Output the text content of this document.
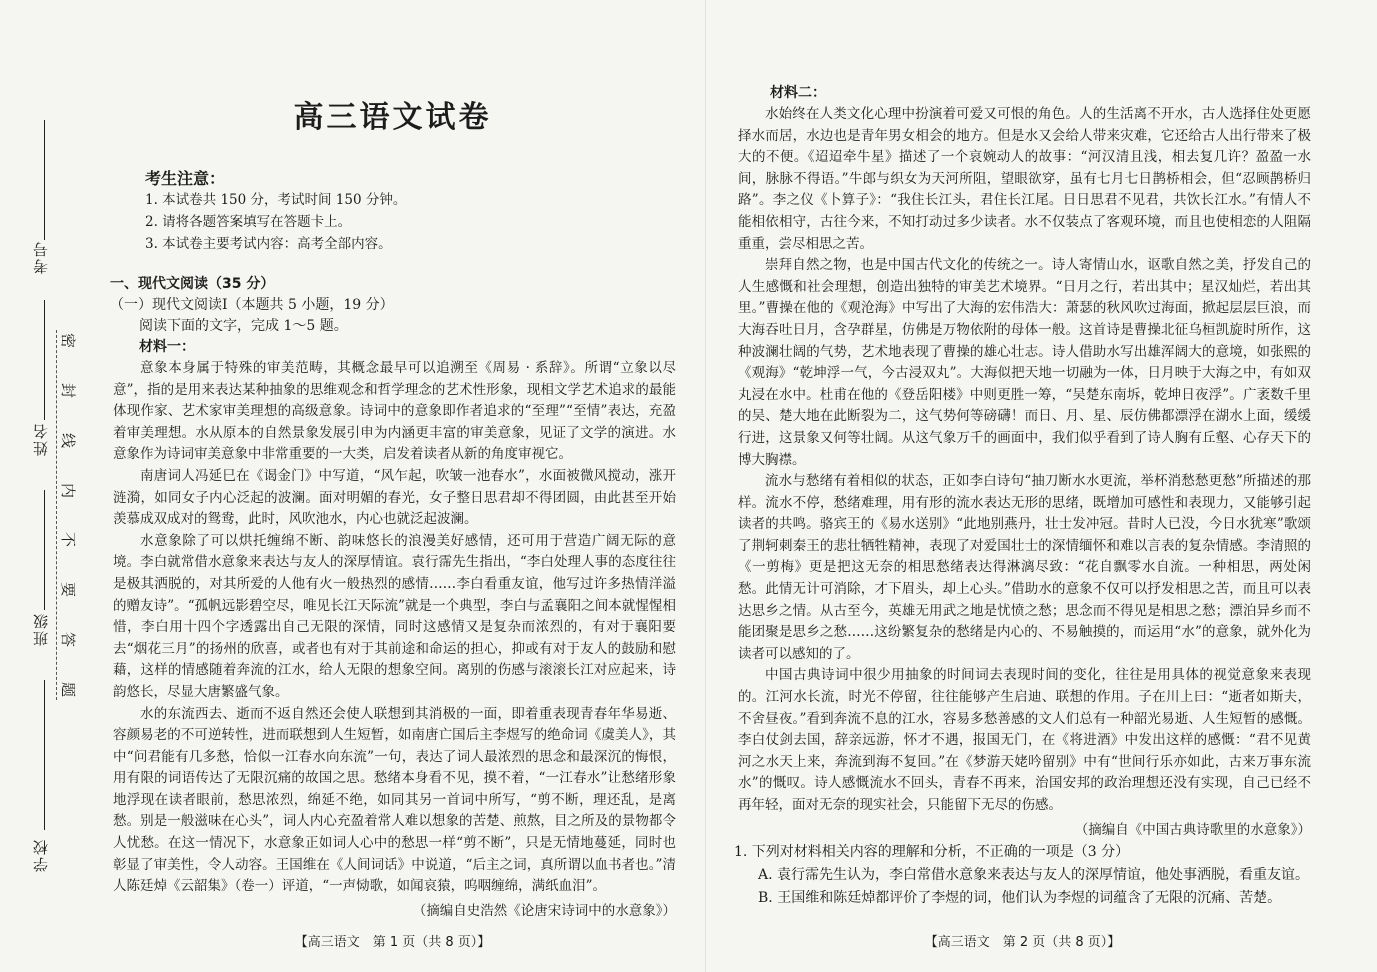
考号
姓名
班级
学校
密
封
线
内
不
要
答
题
高三语文试卷
考生注意：
1. 本试卷共 150 分，考试时间 150 分钟。
2. 请将各题答案填写在答题卡上。
3. 本试卷主要考试内容：高考全部内容。
一、现代文阅读（35 分）
（一）现代文阅读Ⅰ（本题共 5 小题，19 分）
阅读下面的文字，完成 1～5 题。
材料一：

意象本身属于特殊的审美范畴，其概念最早可以追溯至《周易 · 系辞》。所谓“立象以尽意”，指的是用来表达某种抽象的思维观念和哲学理念的艺术性形象，现相文学艺术追求的最能体现作家、艺术家审美理想的高级意象。诗词中的意象即作者追求的“至理”“至情”表达，充盈着审美理想。水从原本的自然景象发展引申为内涵更丰富的审美意象，见证了文学的演进。水意象作为诗词审美意象中非常重要的一大类，启发着读者从新的角度审视它。

南唐词人冯延巳在《谒金门》中写道，“风乍起，吹皱一池春水”，水面被微风搅动，涨开涟漪，如同女子内心泛起的波澜。面对明媚的春光，女子整日思君却不得团圆，由此甚至开始羡慕成双成对的鸳鸯，此时，风吹池水，内心也就泛起波澜。

水意象除了可以烘托缠绵不断、韵味悠长的浪漫美好感情，还可用于营造广阔无际的意境。李白就常借水意象来表达与友人的深厚情谊。袁行霈先生指出，“李白处理人事的态度往往是极其洒脱的，对其所爱的人他有火一般热烈的感情……李白看重友谊，他写过许多热情洋溢的赠友诗”。“孤帆远影碧空尽，唯见长江天际流”就是一个典型，李白与孟襄阳之间本就惺惺相惜，李白用十四个字透露出自己无限的深情，同时这感情又是复杂而浓烈的，有对于襄阳要去“烟花三月”的扬州的欣喜，或者也有对于其前途和命运的担心，抑或有对于友人的鼓励和慰藉，这样的情感随着奔流的江水，给人无限的想象空间。离别的伤感与滚滚长江对应起来，诗韵悠长，尽显大唐繁盛气象。

水的东流西去、逝而不返自然还会使人联想到其消极的一面，即着重表现青春年华易逝、容颜易老的不可逆转性，进而联想到人生短暂，如南唐亡国后主李煜写的绝命词《虞美人》，其中“问君能有几多愁，恰似一江春水向东流”一句，表达了词人最浓烈的思念和最深沉的悔恨，用有限的词语传达了无限沉痛的故国之思。愁绪本身看不见，摸不着，“一江春水”让愁绪形象地浮现在读者眼前，愁思浓烈，绵延不绝，如同其另一首词中所写，“剪不断，理还乱，是离愁。别是一般滋味在心头”，词人内心充盈着常人难以想象的苦楚、煎熬，目之所及的景物都令人忧愁。在这一情况下，水意象正如词人心中的愁思一样“剪不断”，只是无情地蔓延，同时也彰显了审美性，令人动容。王国维在《人间词话》中说道，“后主之词，真所谓以血书者也。”清人陈廷焯《云韶集》（卷一）评道，“一声恸歌，如闻哀猿，呜咽缠绵，满纸血泪”。

（摘编自史浩然《论唐宋诗词中的水意象》）
【高三语文　第 1 页（共 8 页）】
材料二：

水始终在人类文化心理中扮演着可爱又可恨的角色。人的生活离不开水，古人选择住处更愿择水而居，水边也是青年男女相会的地方。但是水又会给人带来灾难，它还给古人出行带来了极大的不便。《迢迢牵牛星》描述了一个哀婉动人的故事：“河汉清且浅，相去复几许？盈盈一水间，脉脉不得语。”牛郎与织女为天河所阻，望眼欲穿，虽有七月七日鹊桥相会，但“忍顾鹊桥归路”。李之仪《卜算子》：“我住长江头，君住长江尾。日日思君不见君，共饮长江水。”有情人不能相依相守，古往今来，不知打动过多少读者。水不仅装点了客观环境，而且也使相恋的人阻隔重重，尝尽相思之苦。

崇拜自然之物，也是中国古代文化的传统之一。诗人寄情山水，讴歌自然之美，抒发自己的人生感慨和社会理想，创造出独特的审美艺术境界。“日月之行，若出其中；星汉灿烂，若出其里。”曹操在他的《观沧海》中写出了大海的宏伟浩大：萧瑟的秋风吹过海面，掀起层层巨浪，而大海吞吐日月，含孕群星，仿佛是万物依附的母体一般。这首诗是曹操北征乌桓凯旋时所作，这种波澜壮阔的气势，艺术地表现了曹操的雄心壮志。诗人借助水写出雄浑阔大的意境，如张熙的《观海》“乾坤浮一气，今古浸双丸”。大海似把天地一切融为一体，日月映于大海之中，有如双丸浸在水中。杜甫在他的《登岳阳楼》中则更胜一筹，“吴楚东南坼，乾坤日夜浮”。广袤数千里的吴、楚大地在此断裂为二，这气势何等磅礴！而日、月、星、辰仿佛都漂浮在湖水上面，缓缓行进，这景象又何等壮阔。从这气象万千的画面中，我们似乎看到了诗人胸有丘壑、心存天下的博大胸襟。

流水与愁绪有着相似的状态，正如李白诗句“抽刀断水水更流，举杯消愁愁更愁”所描述的那样。流水不停，愁绪难理，用有形的流水表达无形的思绪，既增加可感性和表现力，又能够引起读者的共鸣。骆宾王的《易水送别》“此地别燕丹，壮士发冲冠。昔时人已没，今日水犹寒”歌颂了荆轲刺秦王的悲壮牺牲精神，表现了对爱国壮士的深情缅怀和难以言表的复杂情感。李清照的《一剪梅》更是把这无奈的相思愁绪表达得淋漓尽致：“花自飘零水自流。一种相思，两处闲愁。此情无计可消除，才下眉头，却上心头。”借助水的意象不仅可以抒发相思之苦，而且可以表达思乡之情。从古至今，英雄无用武之地是忧愤之愁；思念而不得见是相思之愁；漂泊异乡而不能团聚是思乡之愁……这纷繁复杂的愁绪是内心的、不易触摸的，而运用“水”的意象，就外化为读者可以感知的了。

中国古典诗词中很少用抽象的时间词去表现时间的变化，往往是用具体的视觉意象来表现的。江河水长流，时光不停留，往往能够产生启迪、联想的作用。子在川上曰：“逝者如斯夫，不舍昼夜。”看到奔流不息的江水，容易多愁善感的文人们总有一种韶光易逝、人生短暂的感慨。李白仗剑去国，辞亲远游，怀才不遇，报国无门，在《将进酒》中发出这样的感慨：“君不见黄河之水天上来，奔流到海不复回。”在《梦游天姥吟留别》中有“世间行乐亦如此，古来万事东流水”的慨叹。诗人感慨流水不回头，青春不再来，治国安邦的政治理想还没有实现，自己已经不再年轻，面对无奈的现实社会，只能留下无尽的伤感。

（摘编自《中国古典诗歌里的水意象》）
1. 下列对材料相关内容的理解和分析，不正确的一项是（3 分）
A. 袁行霈先生认为，李白常借水意象来表达与友人的深厚情谊，他处事洒脱，看重友谊。
B. 王国维和陈廷焯都评价了李煜的词，他们认为李煜的词蕴含了无限的沉痛、苦楚。
【高三语文　第 2 页（共 8 页）】
